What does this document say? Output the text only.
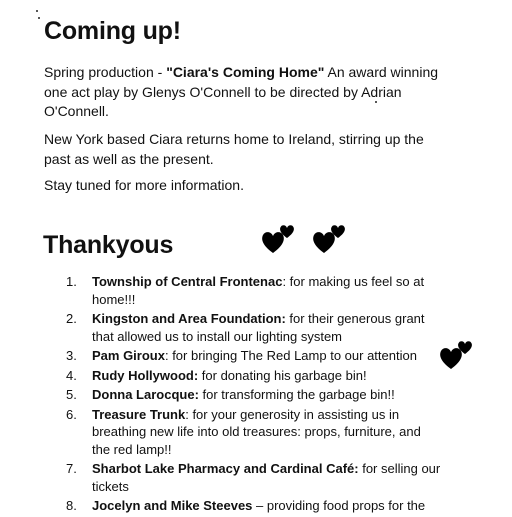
Coming up!

Spring production - "Ciara's Coming Home" An award winning one act play by Glenys O'Connell to be directed by Adrian O'Connell.

New York based Ciara returns home to Ireland, stirring up the past as well as the present.

Stay tuned for more information.

Thankyous
1.	Township of Central Frontenac: for making us feel so at home!!!
2.	Kingston and Area Foundation: for their generous grant that allowed us to install our lighting system
3.	Pam Giroux: for bringing The Red Lamp to our attention
4.	Rudy Hollywood: for donating his garbage bin!
5.	Donna Larocque: for transforming the garbage bin!!
6.	Treasure Trunk: for your generosity in assisting us in breathing new life into old treasures: props, furniture, and the red lamp!!
7.	Sharbot Lake Pharmacy and Cardinal Café: for selling our tickets
8.	Jocelyn and Mike Steeves – providing food props for the
